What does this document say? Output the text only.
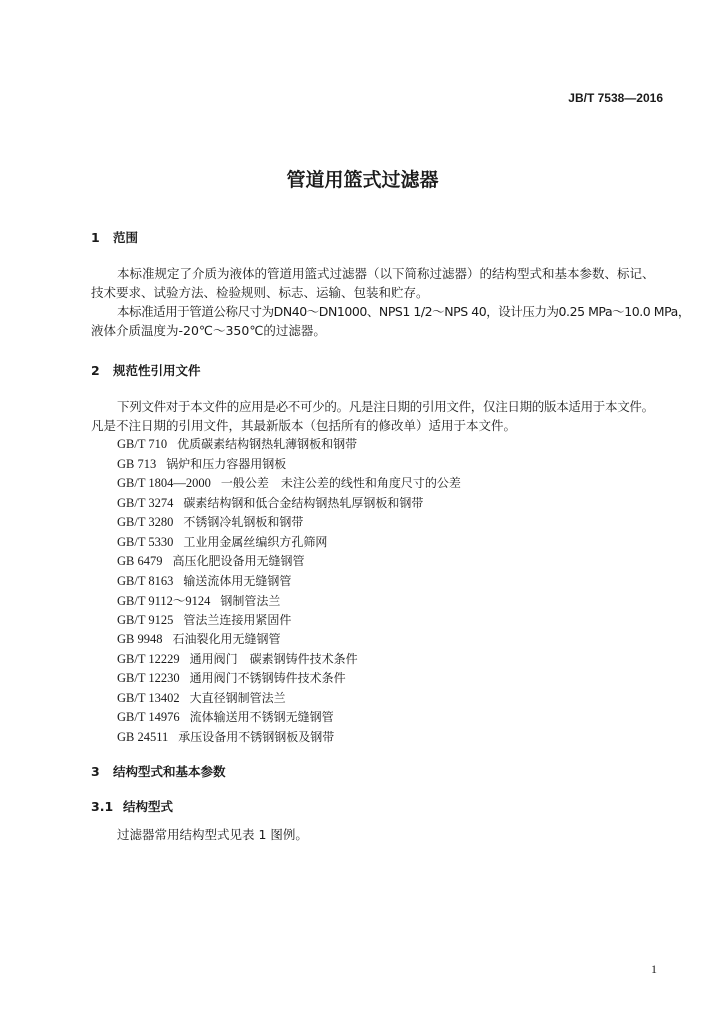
JB/T 7538—2016
管道用篮式过滤器
1 范围
本标准规定了介质为液体的管道用篮式过滤器（以下简称过滤器）的结构型式和基本参数、标记、
技术要求、试验方法、检验规则、标志、运输、包装和贮存。
本标准适用于管道公称尺寸为DN40～DN1000、NPS1 1/2～NPS 40，设计压力为0.25 MPa～10.0 MPa，
液体介质温度为-20℃～350℃的过滤器。
2 规范性引用文件
下列文件对于本文件的应用是必不可少的。凡是注日期的引用文件，仅注日期的版本适用于本文件。
凡是不注日期的引用文件，其最新版本（包括所有的修改单）适用于本文件。
GB/T 710 优质碳素结构钢热轧薄钢板和钢带
GB 713 锅炉和压力容器用钢板
GB/T 1804—2000 一般公差　未注公差的线性和角度尺寸的公差
GB/T 3274 碳素结构钢和低合金结构钢热轧厚钢板和钢带
GB/T 3280 不锈钢冷轧钢板和钢带
GB/T 5330 工业用金属丝编织方孔筛网
GB 6479 高压化肥设备用无缝钢管
GB/T 8163 输送流体用无缝钢管
GB/T 9112～9124 钢制管法兰
GB/T 9125 管法兰连接用紧固件
GB 9948 石油裂化用无缝钢管
GB/T 12229 通用阀门　碳素钢铸件技术条件
GB/T 12230 通用阀门不锈钢铸件技术条件
GB/T 13402 大直径钢制管法兰
GB/T 14976 流体输送用不锈钢无缝钢管
GB 24511 承压设备用不锈钢钢板及钢带
3 结构型式和基本参数
3.1 结构型式
过滤器常用结构型式见表 1 图例。
1
